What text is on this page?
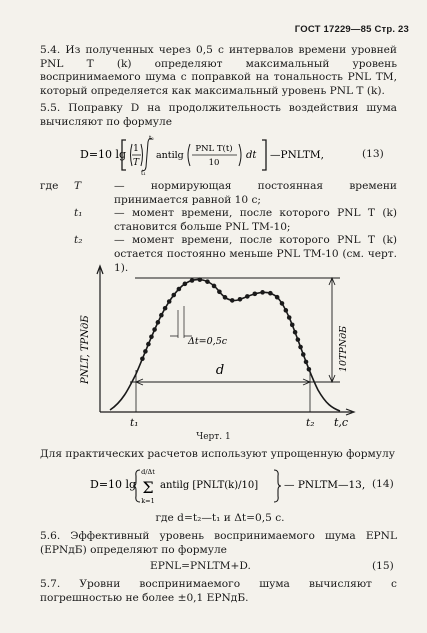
ГОСТ 17229—85 Стр. 23
5.4. Из полученных через 0,5 с интервалов времени уровней PNL T (k) определяют максимальный уровень воспринимаемого шума с поправкой на тональность PNL TM, который определяется как максимальный уровень PNL T (k).
5.5. Поправку D на продолжительность воздействия шума вычисляют по формуле
D=10 lg 1
T
t₂
t₁
antilg
PNL T(t)
10
dt —PNLTM,	(13)
где	T	— нормирующая постоянная времени принимается равной 10 с;
t₁	— момент времени, после которого PNL T (k) становится больше PNL TM-10;
t₂	— момент времени, после которого PNL T (k) остается постоянно меньше PNL TM-10 (см. черт. 1).
Δt=0,5c
d
PNLT, TPNдБ	10TPNдБ
t₁	t₂ t,c
Черт. 1
Для практических расчетов используют упрощенную формулу
D=10 lg
d/Δt
Σ
k=1
antilg [PNLT(k)/10] — PNLTM—13, (14)
где d=t₂—t₁ и Δt=0,5 с.
5.6. Эффективный уровень воспринимаемого шума EPNL (EPNдБ) определяют по формуле
EPNL=PNLTM+D.	(15)
5.7. Уровни воспринимаемого шума вычисляют с погрешностью не более ±0,1 EPNдБ.
